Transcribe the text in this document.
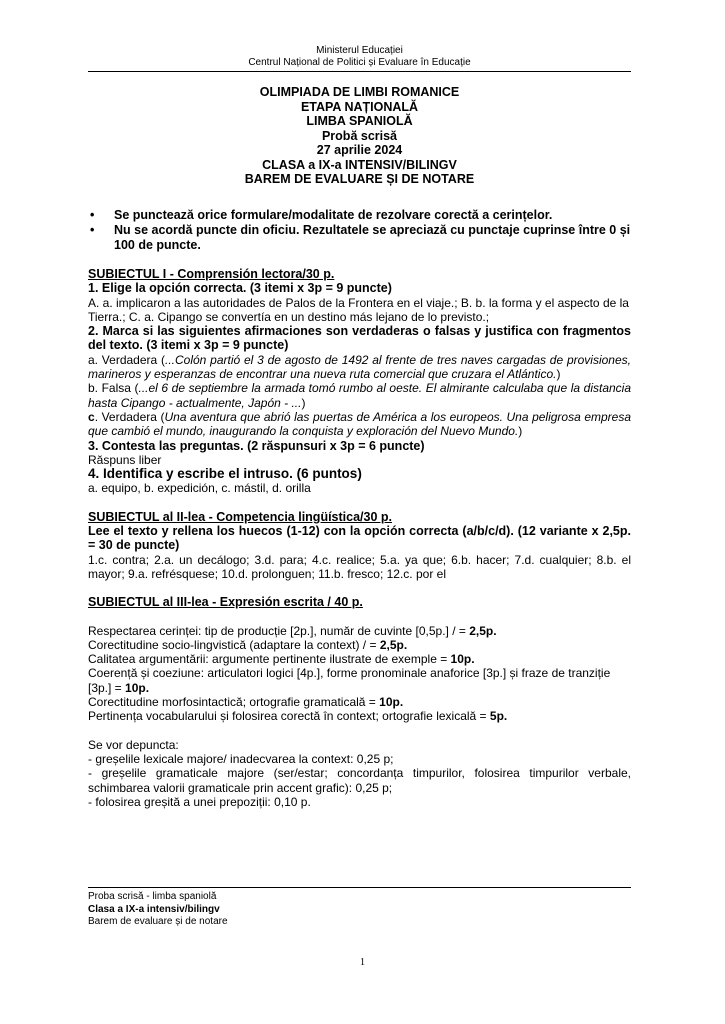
Ministerul Educației
Centrul Național de Politici și Evaluare în Educație
OLIMPIADA DE LIMBI ROMANICE
ETAPA NAȚIONALĂ
LIMBA SPANIOLĂ
Probă scrisă
27 aprilie 2024
CLASA a IX-a INTENSIV/BILINGV
BAREM DE EVALUARE ȘI DE NOTARE
• Se punctează orice formulare/modalitate de rezolvare corectă a cerințelor.
• Nu se acordă puncte din oficiu. Rezultatele se apreciază cu punctaje cuprinse între 0 și 100 de puncte.

SUBIECTUL I - Comprensión lectora/30 p.

1. Elige la opción correcta. (3 itemi x 3p = 9 puncte)

A. a. implicaron a las autoridades de Palos de la Frontera en el viaje.; B. b. la forma y el aspecto de la Tierra.; C. a. Cipango se convertía en un destino más lejano de lo previsto.;

2. Marca si las siguientes afirmaciones son verdaderas o falsas y justifica con fragmentos del texto. (3 itemi x 3p = 9 puncte)

a. Verdadera (...Colón partió el 3 de agosto de 1492 al frente de tres naves cargadas de provisiones, marineros y esperanzas de encontrar una nueva ruta comercial que cruzara el Atlántico.)

b. Falsa (...el 6 de septiembre la armada tomó rumbo al oeste. El almirante calculaba que la distancia hasta Cipango - actualmente, Japón - ...)

c. Verdadera (Una aventura que abrió las puertas de América a los europeos. Una peligrosa empresa que cambió el mundo, inaugurando la conquista y exploración del Nuevo Mundo.)

3. Contesta las preguntas. (2 răspunsuri x 3p = 6 puncte)

Răspuns liber

4. Identifica y escribe el intruso. (6 puntos)

a. equipo, b. expedición, c. mástil, d. orilla

SUBIECTUL al II-lea - Competencia lingüística/30 p.

Lee el texto y rellena los huecos (1-12) con la opción correcta (a/b/c/d). (12 variante x 2,5p. = 30 de puncte)

1.c. contra; 2.a. un decálogo; 3.d. para; 4.c. realice; 5.a. ya que; 6.b. hacer; 7.d. cualquier; 8.b. el mayor; 9.a. refrésquese; 10.d. prolonguen; 11.b. fresco; 12.c. por el

SUBIECTUL al III-lea - Expresión escrita / 40 p.

Respectarea cerinței: tip de producție [2p.], număr de cuvinte [0,5p.] / = 2,5p.

Corectitudine socio-lingvistică (adaptare la context) / = 2,5p.

Calitatea argumentării: argumente pertinente ilustrate de exemple = 10p.

Coerență și coeziune: articulatori logici [4p.], forme pronominale anaforice [3p.] și fraze de tranziție [3p.] = 10p.

Corectitudine morfosintactică; ortografie gramaticală = 10p.

Pertinența vocabularului și folosirea corectă în context; ortografie lexicală = 5p.

Se vor depuncta:

- greșelile lexicale majore/ inadecvarea la context: 0,25 p;

- greșelile gramaticale majore (ser/estar; concordanța timpurilor, folosirea timpurilor verbale, schimbarea valorii gramaticale prin accent grafic): 0,25 p;

- folosirea greșită a unei prepoziții: 0,10 p.

Proba scrisă - limba spaniolă
Clasa a IX-a intensiv/bilingv
Barem de evaluare și de notare
1
